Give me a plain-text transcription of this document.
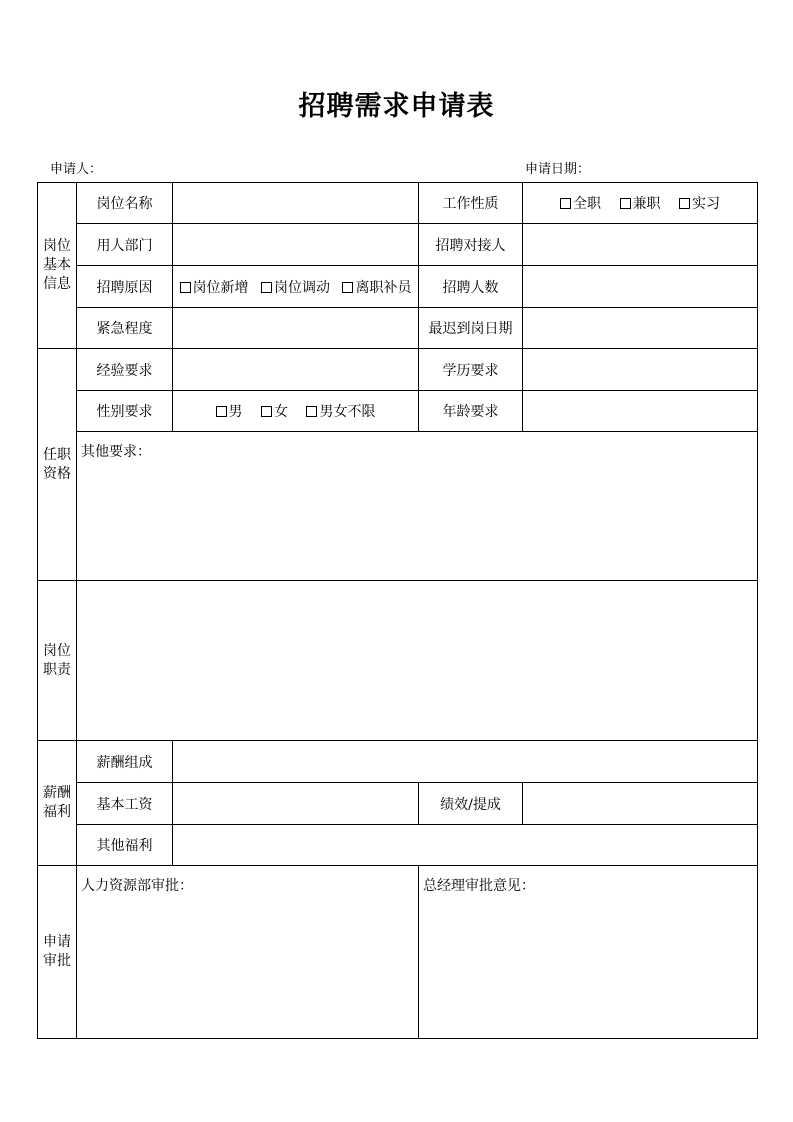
招聘需求申请表
申请人：	申请日期：
岗位
基本
信息	岗位名称		工作性质	全职 兼职 实习
	用人部门		招聘对接人	
	招聘原因	岗位新增 岗位调动 离职补员	招聘人数	
	紧急程度		最迟到岗日期	

任职
资格	经验要求		学历要求	
	性别要求	男 女 男女不限	年龄要求	
	其他要求：			

岗位
职责				

薪酬
福利	薪酬组成			
	基本工资		绩效/提成	
	其他福利			

申请
审批	人力资源部审批：		总经理审批意见：	
